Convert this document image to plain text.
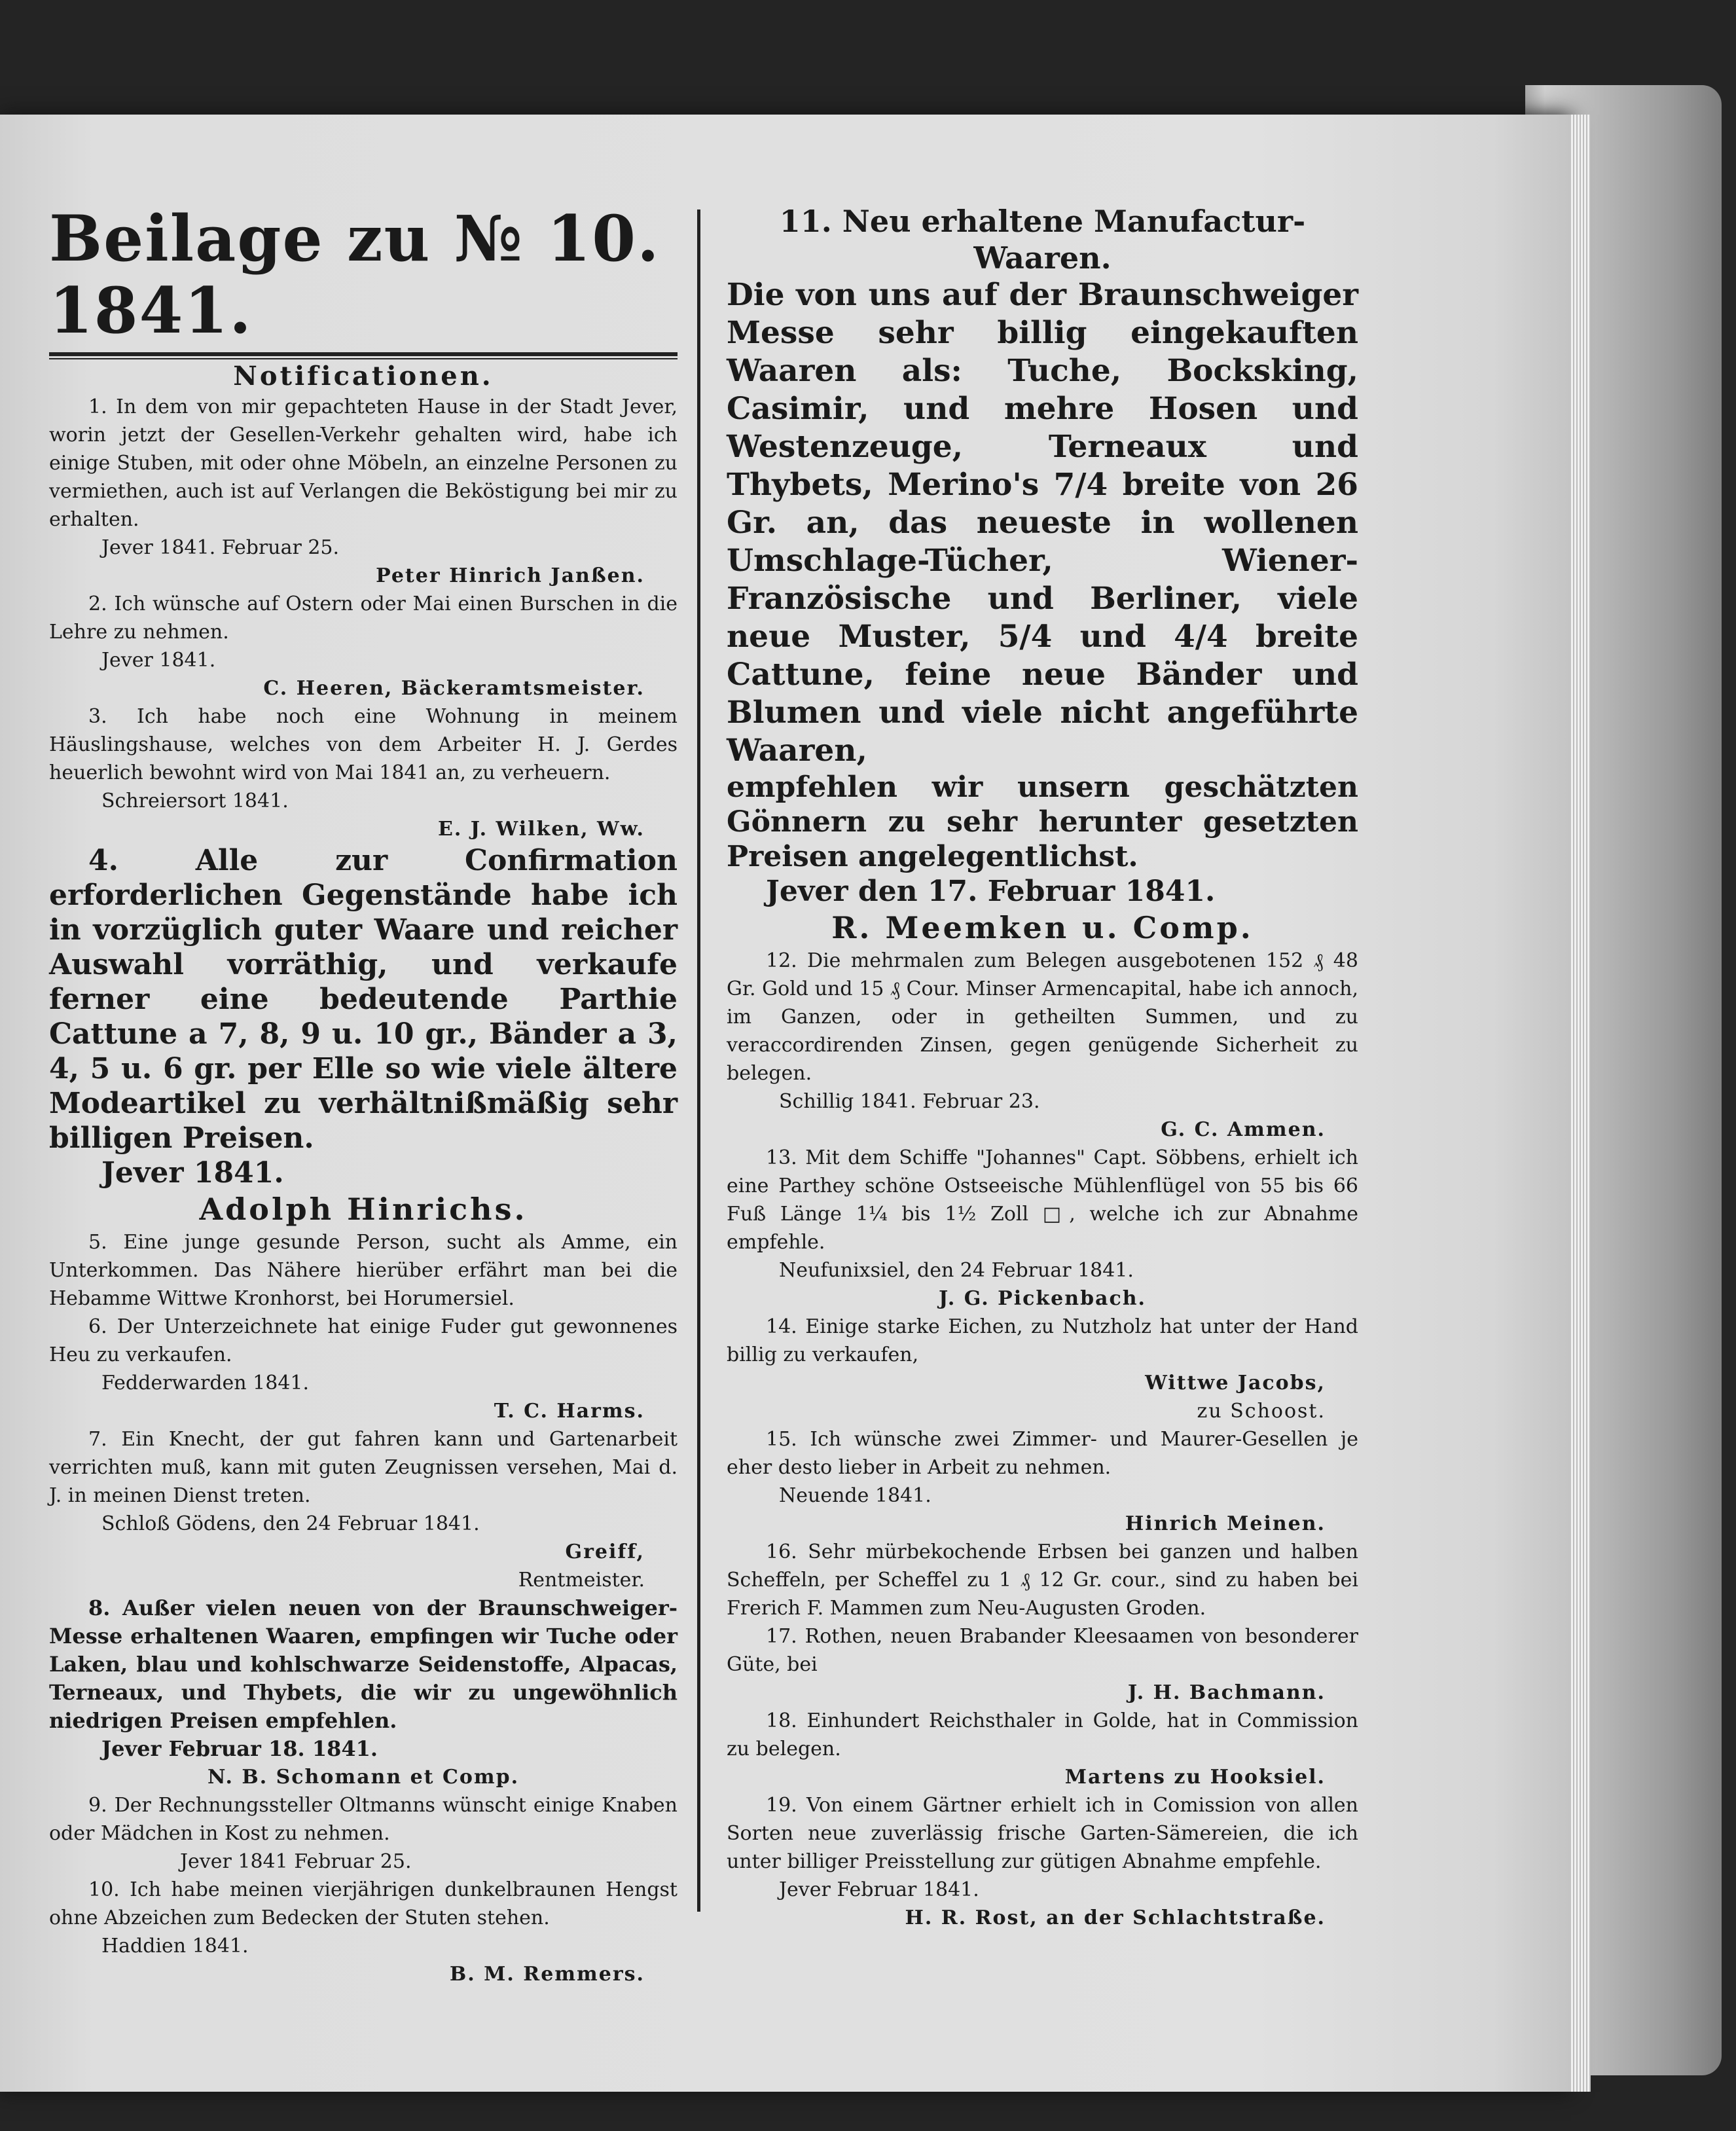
Beilage zu № 10. 1841.
Notificationen.

1. In dem von mir gepachteten Hause in der Stadt Jever, worin jetzt der Gesellen-Verkehr gehalten wird, habe ich einige Stuben, mit oder ohne Möbeln, an einzelne Personen zu vermiethen, auch ist auf Verlangen die Beköstigung bei mir zu erhalten.

Jever 1841. Februar 25.

Peter Hinrich Janßen.

2. Ich wünsche auf Ostern oder Mai einen Burschen in die Lehre zu nehmen.

Jever 1841.

C. Heeren, Bäckeramtsmeister.

3. Ich habe noch eine Wohnung in meinem Häuslingshause, welches von dem Arbeiter H. J. Gerdes heuerlich bewohnt wird von Mai 1841 an, zu verheuern.

Schreiersort 1841.

E. J. Wilken, Ww.

4. Alle zur Confirmation erforderlichen Gegenstände habe ich in vorzüglich guter Waare und reicher Auswahl vorräthig, und verkaufe ferner eine bedeutende Parthie Cattune a 7, 8, 9 u. 10 gr., Bänder a 3, 4, 5 u. 6 gr. per Elle so wie viele ältere Modeartikel zu verhältnißmäßig sehr billigen Preisen.

Jever 1841.

Adolph Hinrichs.

5. Eine junge gesunde Person, sucht als Amme, ein Unterkommen. Das Nähere hierüber erfährt man bei die Hebamme Wittwe Kronhorst, bei Horumersiel.

6. Der Unterzeichnete hat einige Fuder gut gewonnenes Heu zu verkaufen.

Fedderwarden 1841.

T. C. Harms.

7. Ein Knecht, der gut fahren kann und Gartenarbeit verrichten muß, kann mit guten Zeugnissen versehen, Mai d. J. in meinen Dienst treten.

Schloß Gödens, den 24 Februar 1841.

Greiff,

Rentmeister.

8. Außer vielen neuen von der Braunschweiger-Messe erhaltenen Waaren, empfingen wir Tuche oder Laken, blau und kohlschwarze Seidenstoffe, Alpacas, Terneaux, und Thybets, die wir zu ungewöhnlich niedrigen Preisen empfehlen.

Jever Februar 18. 1841.

N. B. Schomann et Comp.

9. Der Rechnungssteller Oltmanns wünscht einige Knaben oder Mädchen in Kost zu nehmen.

Jever 1841 Februar 25.

10. Ich habe meinen vierjährigen dunkelbraunen Hengst ohne Abzeichen zum Bedecken der Stuten stehen.

Haddien 1841.

B. M. Remmers.

11. Neu erhaltene Manufactur-Waaren.

Die von uns auf der Braunschweiger Messe sehr billig eingekauften Waaren als: Tuche, Bocksking, Casimir, und mehre Hosen und Westenzeuge, Terneaux und Thybets, Merino's 7/4 breite von 26 Gr. an, das neueste in wollenen Umschlage-Tücher, Wiener-Französische und Berliner, viele neue Muster, 5/4 und 4/4 breite Cattune, feine neue Bänder und Blumen und viele nicht angeführte Waaren,

empfehlen wir unsern geschätzten Gönnern zu sehr herunter gesetzten Preisen angelegentlichst.

Jever den 17. Februar 1841.

R. Meemken u. Comp.

12. Die mehrmalen zum Belegen ausgebotenen 152 ₰ 48 Gr. Gold und 15 ₰ Cour. Minser Armencapital, habe ich annoch, im Ganzen, oder in getheilten Summen, und zu veraccordirenden Zinsen, gegen genügende Sicherheit zu belegen.

Schillig 1841. Februar 23.

G. C. Ammen.

13. Mit dem Schiffe "Johannes" Capt. Söbbens, erhielt ich eine Parthey schöne Ostseeische Mühlenflügel von 55 bis 66 Fuß Länge 1¼ bis 1½ Zoll □, welche ich zur Abnahme empfehle.

Neufunixsiel, den 24 Februar 1841.

J. G. Pickenbach.

14. Einige starke Eichen, zu Nutzholz hat unter der Hand billig zu verkaufen,

Wittwe Jacobs,

zu Schoost.

15. Ich wünsche zwei Zimmer- und Maurer-Gesellen je eher desto lieber in Arbeit zu nehmen.

Neuende 1841.

Hinrich Meinen.

16. Sehr mürbekochende Erbsen bei ganzen und halben Scheffeln, per Scheffel zu 1 ₰ 12 Gr. cour., sind zu haben bei Frerich F. Mammen zum Neu-Augusten Groden.

17. Rothen, neuen Brabander Kleesaamen von besonderer Güte, bei

J. H. Bachmann.

18. Einhundert Reichsthaler in Golde, hat in Commission zu belegen.

Martens zu Hooksiel.

19. Von einem Gärtner erhielt ich in Comission von allen Sorten neue zuverlässig frische Garten-Sämereien, die ich unter billiger Preisstellung zur gütigen Abnahme empfehle.

Jever Februar 1841.

H. R. Rost, an der Schlachtstraße.
